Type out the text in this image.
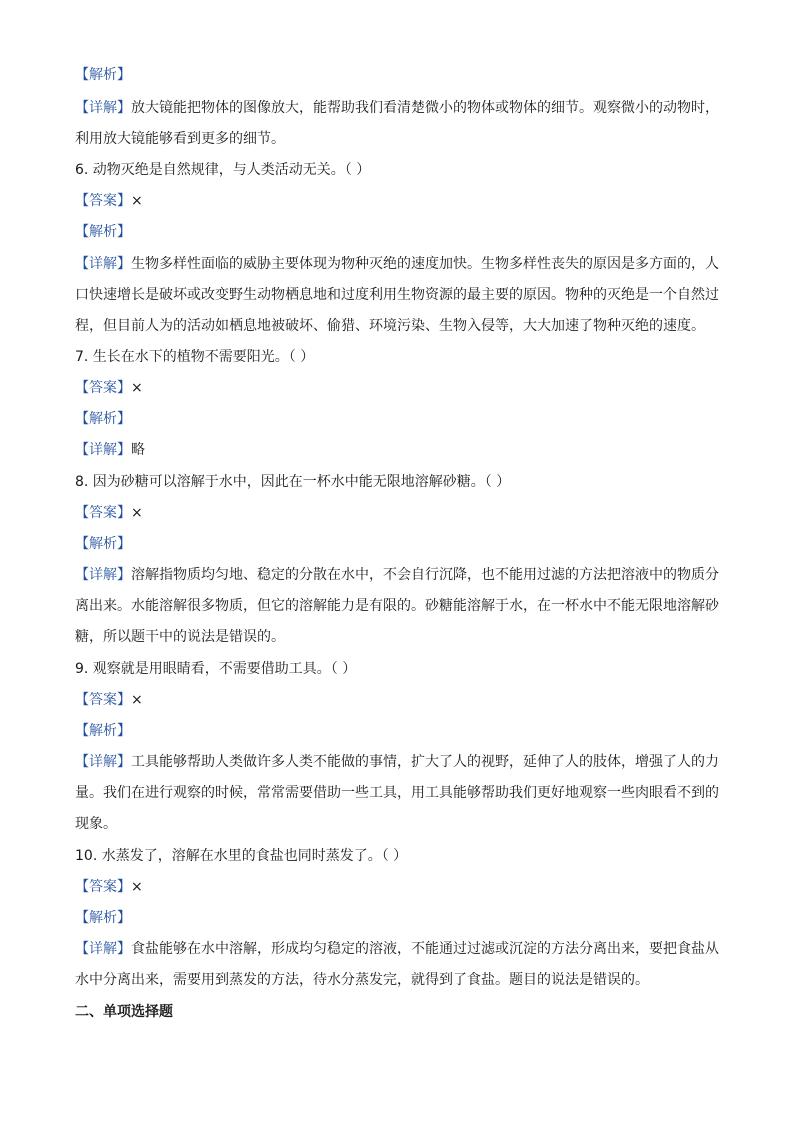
【解析】
【详解】放大镜能把物体的图像放大，能帮助我们看清楚微小的物体或物体的细节。观察微小的动物时，
利用放大镜能够看到更多的细节。
6. 动物灭绝是自然规律，与人类活动无关。（ ）
【答案】×
【解析】
【详解】生物多样性面临的威胁主要体现为物种灭绝的速度加快。生物多样性丧失的原因是多方面的，人
口快速增长是破坏或改变野生动物栖息地和过度利用生物资源的最主要的原因。物种的灭绝是一个自然过
程，但目前人为的活动如栖息地被破坏、偷猎、环境污染、生物入侵等，大大加速了物种灭绝的速度。
7. 生长在水下的植物不需要阳光。（ ）
【答案】×
【解析】
【详解】略
8. 因为砂糖可以溶解于水中，因此在一杯水中能无限地溶解砂糖。（ ）
【答案】×
【解析】
【详解】溶解指物质均匀地、稳定的分散在水中，不会自行沉降，也不能用过滤的方法把溶液中的物质分
离出来。水能溶解很多物质，但它的溶解能力是有限的。砂糖能溶解于水，在一杯水中不能无限地溶解砂
糖，所以题干中的说法是错误的。
9. 观察就是用眼睛看，不需要借助工具。（ ）
【答案】×
【解析】
【详解】工具能够帮助人类做许多人类不能做的事情，扩大了人的视野，延伸了人的肢体，增强了人的力
量。我们在进行观察的时候，常常需要借助一些工具，用工具能够帮助我们更好地观察一些肉眼看不到的
现象。
10. 水蒸发了，溶解在水里的食盐也同时蒸发了。（ ）
【答案】×
【解析】
【详解】食盐能够在水中溶解，形成均匀稳定的溶液，不能通过过滤或沉淀的方法分离出来，要把食盐从
水中分离出来，需要用到蒸发的方法，待水分蒸发完，就得到了食盐。题目的说法是错误的。
二、单项选择题
